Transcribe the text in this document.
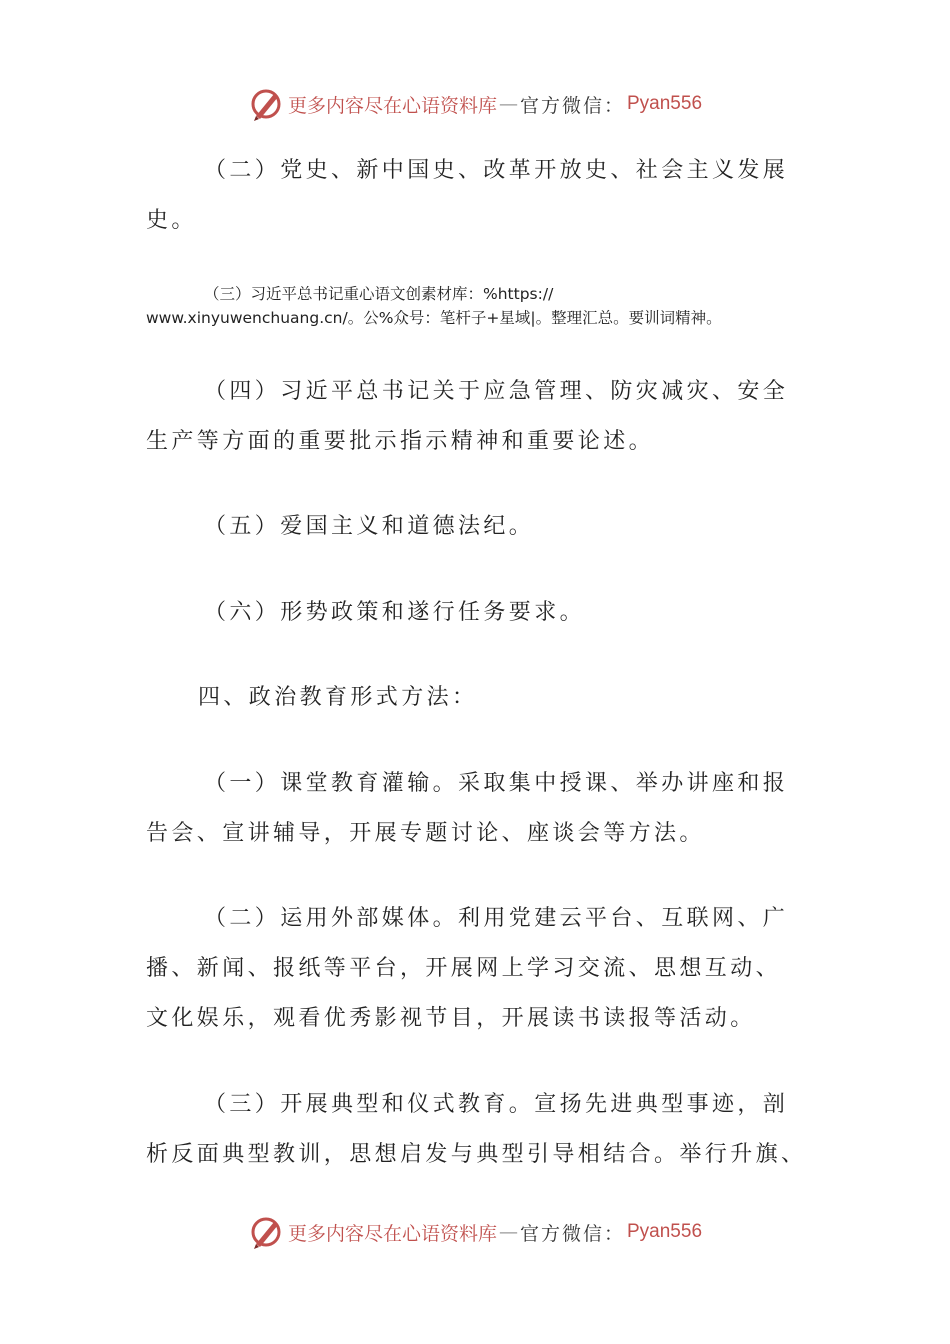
更多内容尽在心语资料库 — 官方微信： Pyan556

（二）党史、新中国史、改革开放史、社会主义发展
史。

（三）习近平总书记重心语文创素材库：%https://
www.xinyuwenchuang.cn/。公%众号：笔杆子+星域|。整理汇总。要训词精神。

（四）习近平总书记关于应急管理、防灾减灾、安全
生产等方面的重要批示指示精神和重要论述。

（五）爱国主义和道德法纪。

（六）形势政策和遂行任务要求。

四、政治教育形式方法：

（一）课堂教育灌输。采取集中授课、举办讲座和报
告会、宣讲辅导，开展专题讨论、座谈会等方法。

（二）运用外部媒体。利用党建云平台、互联网、广
播、新闻、报纸等平台，开展网上学习交流、思想互动、
文化娱乐，观看优秀影视节目，开展读书读报等活动。

（三）开展典型和仪式教育。宣扬先进典型事迹，剖
析反面典型教训，思想启发与典型引导相结合。举行升旗、

更多内容尽在心语资料库 — 官方微信： Pyan556
